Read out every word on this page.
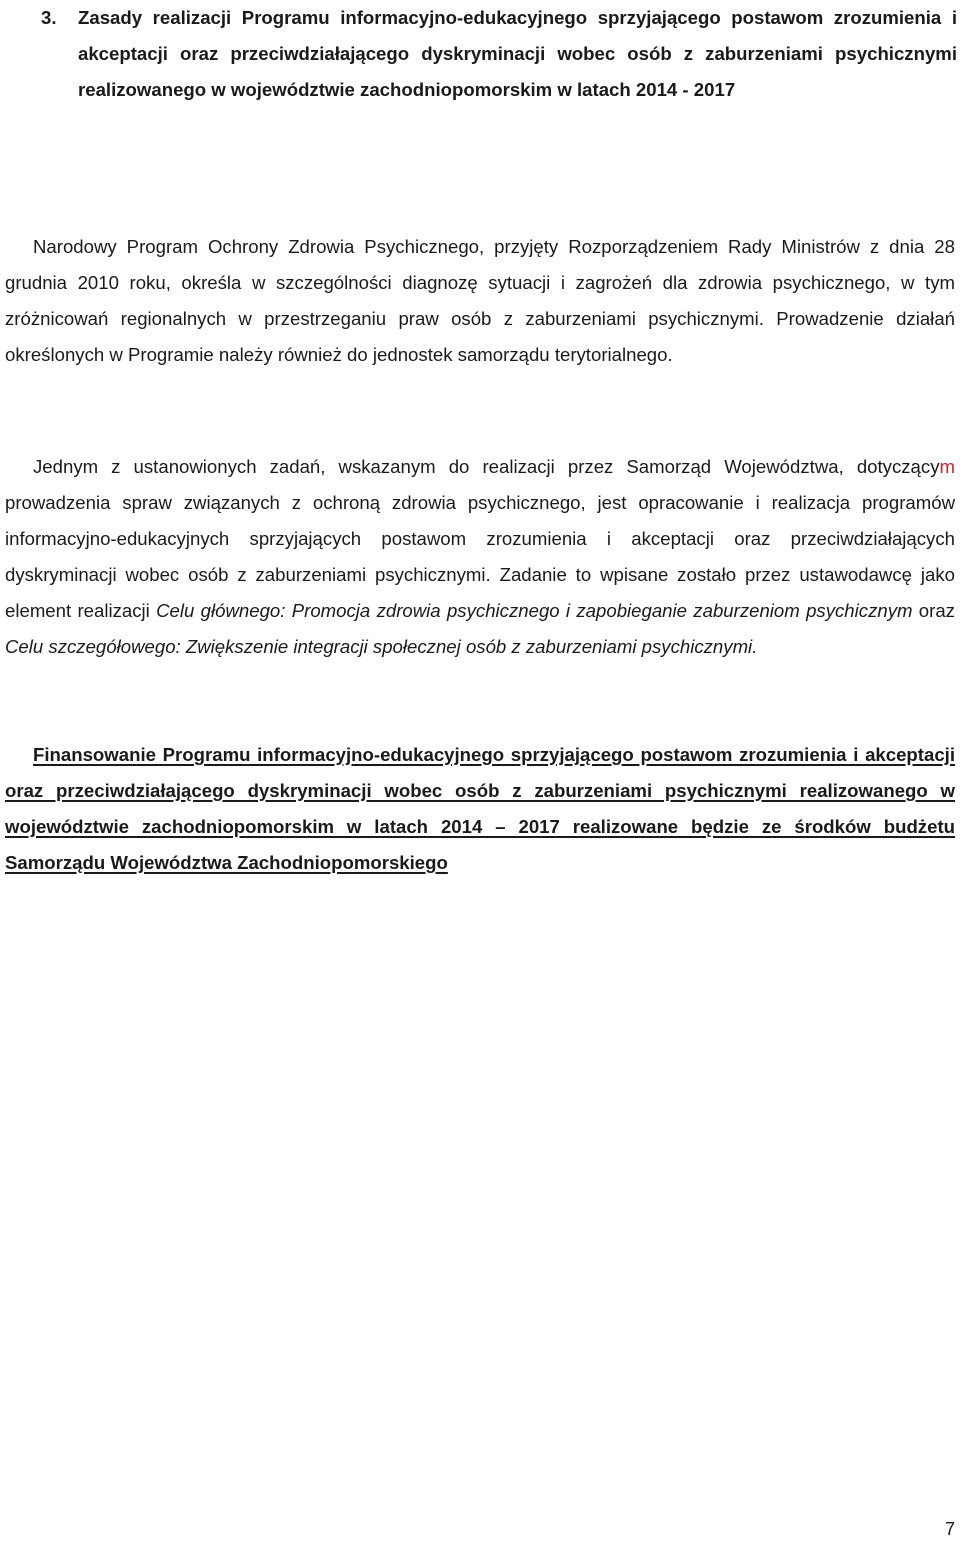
3. Zasady realizacji Programu informacyjno-edukacyjnego sprzyjającego postawom zrozumienia i akceptacji oraz przeciwdziałającego dyskryminacji wobec osób z zaburzeniami psychicznymi realizowanego w województwie zachodniopomorskim w latach 2014 - 2017

Narodowy Program Ochrony Zdrowia Psychicznego, przyjęty Rozporządzeniem Rady Ministrów z dnia 28 grudnia 2010 roku, określa w szczególności diagnozę sytuacji i zagrożeń dla zdrowia psychicznego, w tym zróżnicowań regionalnych w przestrzeganiu praw osób z zaburzeniami psychicznymi. Prowadzenie działań określonych w Programie należy również do jednostek samorządu terytorialnego.

Jednym z ustanowionych zadań, wskazanym do realizacji przez Samorząd Województwa, dotyczącym prowadzenia spraw związanych z ochroną zdrowia psychicznego, jest opracowanie i realizacja programów informacyjno-edukacyjnych sprzyjających postawom zrozumienia i akceptacji oraz przeciwdziałających dyskryminacji wobec osób z zaburzeniami psychicznymi. Zadanie to wpisane zostało przez ustawodawcę jako element realizacji Celu głównego: Promocja zdrowia psychicznego i zapobieganie zaburzeniom psychicznym oraz Celu szczegółowego: Zwiększenie integracji społecznej osób z zaburzeniami psychicznymi.

Finansowanie Programu informacyjno-edukacyjnego sprzyjającego postawom zrozumienia i akceptacji oraz przeciwdziałającego dyskryminacji wobec osób z zaburzeniami psychicznymi realizowanego w województwie zachodniopomorskim w latach 2014 – 2017 realizowane będzie ze środków budżetu Samorządu Województwa Zachodniopomorskiego

7
